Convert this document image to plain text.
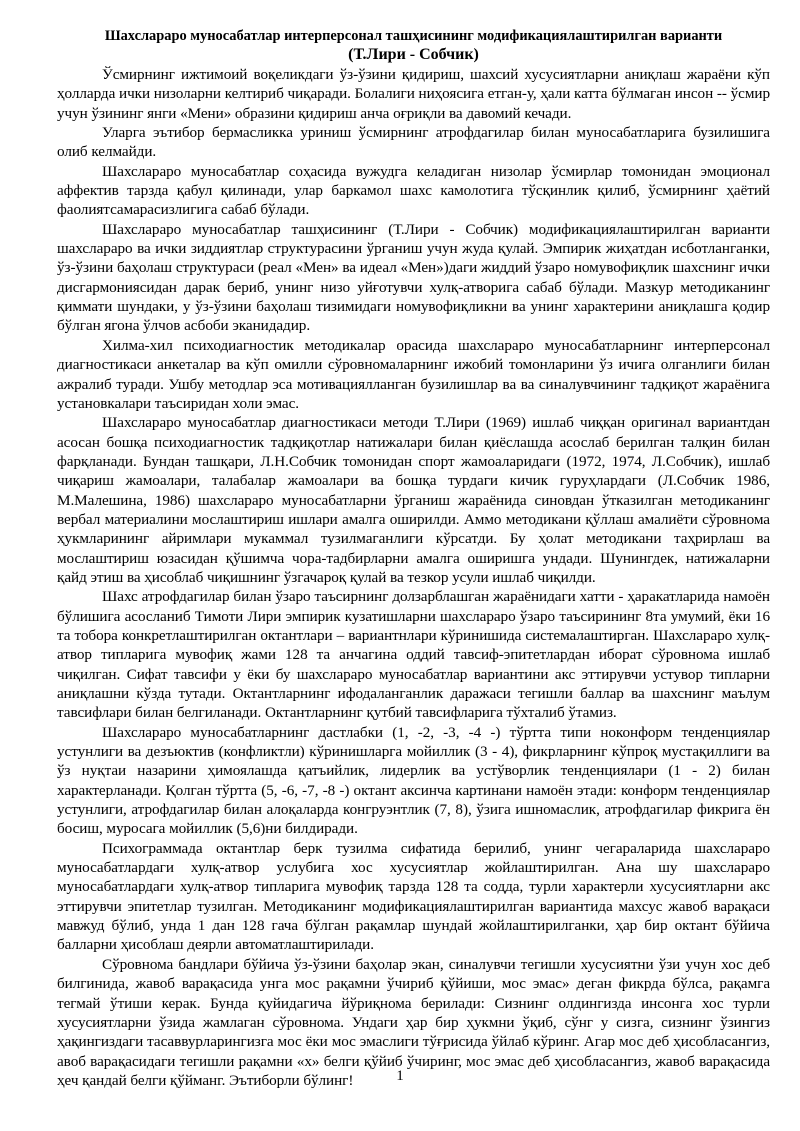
Шахслараро муносабатлар интерперсонал ташҳисининг модификациялаштирилган варианти
(Т.Лири - Собчик)

Ўсмирнинг ижтимоий воқеликдаги ўз-ўзини қидириш, шахсий хусусиятларни аниқлаш жараёни кўп ҳолларда ички низоларни келтириб чиқаради. Болалиги ниҳоясига етган-у, ҳали катта бўлмаган инсон -- ўсмир учун ўзининг янги «Мени» образини қидириш анча оғриқли ва давомий кечади.

Уларга эътибор бермасликка уриниш ўсмирнинг атрофдагилар билан муносабатларига бузилишига олиб келмайди.

Шахслараро муносабатлар соҳасида вужудга келадиган низолар ўсмирлар томонидан эмоционал аффектив тарзда қабул қилинади, улар баркамол шахс камолотига тўсқинлик қилиб, ўсмирнинг ҳаётий фаолиятсамарасизлигига сабаб бўлади.

Шахслараро муносабатлар ташҳисининг (Т.Лири - Собчик) модификациялаштирилган варианти шахслараро ва ички зиддиятлар структурасини ўрганиш учун жуда қулай. Эмпирик жиҳатдан исботланганки, ўз-ўзини баҳолаш структураси (реал «Мен» ва идеал «Мен»)даги жиддий ўзаро номувофиқлик шахснинг ички дисгармониясидан дарак бериб, унинг низо уйғотувчи хулқ-атворига сабаб бўлади. Мазкур методиканинг қиммати шундаки, у ўз-ўзини баҳолаш тизимидаги номувофиқликни ва унинг характерини аниқлашга қодир бўлган ягона ўлчов асбоби эканидадир.

Хилма-хил психодиагностик методикалар орасида шахслараро муносабатларнинг интерперсонал диагностикаси анкеталар ва кўп омилли сўровномаларнинг ижобий томонларини ўз ичига олганлиги билан ажралиб туради. Ушбу методлар эса мотивациялланган бузилишлар ва ва синалувчининг тадқиқот жараёнига установкалари таъсиридан холи эмас.

Шахслараро муносабатлар диагностикаси методи Т.Лири (1969) ишлаб чиққан оригинал вариантдан асосан бошқа психодиагностик тадқиқотлар натижалари билан қиёслашда асослаб берилган талқин билан фарқланади. Бундан ташқари, Л.Н.Собчик томонидан спорт жамоаларидаги (1972, 1974, Л.Собчик), ишлаб чиқариш жамоалари, талабалар жамоалари ва бошқа турдаги кичик гуруҳлардаги (Л.Собчик 1986, М.Малешина, 1986) шахслараро муносабатларни ўрганиш жараёнида синовдан ўтказилган методиканинг вербал материалини мослаштириш ишлари амалга оширилди. Аммо методикани қўллаш амалиёти сўровнома ҳукмларининг айримлари мукаммал тузилмаганлиги кўрсатди. Бу ҳолат методикани таҳрирлаш ва мослаштириш юзасидан қўшимча чора-тадбирларни амалга оширишга ундади. Шунингдек, натижаларни қайд этиш ва ҳисоблаб чиқишнинг ўзгачароқ қулай ва тезкор усули ишлаб чиқилди.

Шахс атрофдагилар билан ўзаро таъсирнинг долзарблашган жараёнидаги хатти - ҳаракатларида намоён бўлишига асосланиб Тимоти Лири эмпирик кузатишларни шахслараро ўзаро таъсирининг 8та умумий, ёки 16 та тобора конкретлаштирилган октантлари – вариантнлари кўринишида системалаштирган. Шахслараро хулқ-атвор типларига мувофиқ жами 128 та анчагина оддий тавсиф-эпитетлардан иборат сўровнома ишлаб чиқилган. Сифат тавсифи у ёки бу шахслараро муносабатлар вариантини акс эттирувчи устувор типларни аниқлашни кўзда тутади. Октантларнинг ифодаланганлик даражаси тегишли баллар ва шахснинг маълум тавсифлари билан белгиланади. Октантларнинг қутбий тавсифларига тўхталиб ўтамиз.

Шахслараро муносабатларнинг дастлабки (1, -2, -3, -4 -) тўртта типи ноконформ тенденциялар устунлиги ва дезъюктив (конфликтли) кўринишларга мойиллик (3 - 4), фикрларнинг кўпроқ мустақиллиги ва ўз нуқтаи назарини ҳимоялашда қатъийлик, лидерлик ва устўворлик тенденциялари (1 - 2) билан характерланади. Қолган тўртта (5, -6, -7, -8 -) октант аксинча картинани намоён этади: конформ тенденциялар устунлиги, атрофдагилар билан алоқаларда конгруэнтлик (7, 8), ўзига ишномаслик, атрофдагилар фикрига ён босиш, муросага мойиллик (5,6)ни билдиради.

Психограммада октантлар берк тузилма сифатида берилиб, унинг чегараларида шахслараро муносабатлардаги хулқ-атвор услубига хос хусусиятлар жойлаштирилган. Ана шу шахслараро муносабатлардаги хулқ-атвор типларига мувофиқ тарзда 128 та содда, турли характерли хусусиятларни акс эттирувчи эпитетлар тузилган. Методиканинг модификациялаштирилган вариантида махсус жавоб варақаси мавжуд бўлиб, унда 1 дан 128 гача бўлган рақамлар шундай жойлаштирилганки, ҳар бир октант бўйича балларни ҳисоблаш деярли автоматлаштирилади.

Сўровнома бандлари бўйича ўз-ўзини баҳолар экан, синалувчи тегишли хусусиятни ўзи учун хос деб билгинида, жавоб варақасида унга мос рақамни ўчириб қўйиши, мос эмас» деган фикрда бўлса, рақамга тегмай ўтиши керак. Бунда қуйидагича йўриқнома берилади: Сизнинг олдингизда инсонга хос турли хусусиятларни ўзида жамлаган сўровнома. Ундаги ҳар бир ҳукмни ўқиб, сўнг у сизга, сизнинг ўзингиз ҳақингиздаги тасаввурларингизга мос ёки мос эмаслиги тўғрисида ўйлаб кўринг. Агар мос деб ҳисобласангиз, авоб варақасидаги тегишли рақамни «х» белги қўйиб ўчиринг, мос эмас деб ҳисобласангиз, жавоб варақасида ҳеч қандай белги қўйманг. Эътиборли бўлинг!	1
